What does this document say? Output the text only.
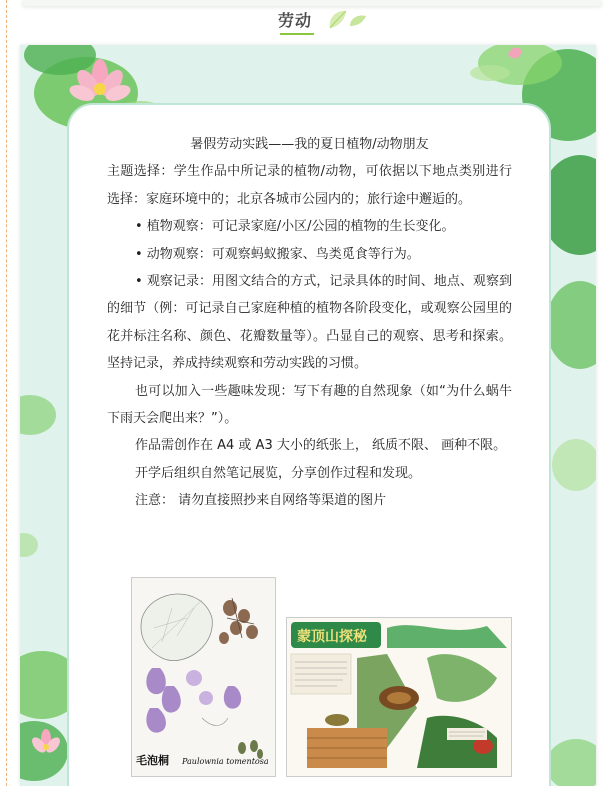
劳动

暑假劳动实践——我的夏日植物/动物朋友

主题选择：学生作品中所记录的植物/动物，可依据以下地点类别进行选择：家庭环境中的；北京各城市公园内的；旅行途中邂逅的。

• 植物观察：可记录家庭/小区/公园的植物的生长变化。

• 动物观察：可观察蚂蚁搬家、鸟类觅食等行为。

• 观察记录：用图文结合的方式，记录具体的时间、地点、观察到的细节（例：可记录自己家庭种植的植物各阶段变化，或观察公园里的花并标注名称、颜色、花瓣数量等）。凸显自己的观察、思考和探索。坚持记录，养成持续观察和劳动实践的习惯。

也可以加入一些趣味发现：写下有趣的自然现象（如“为什么蜗牛下雨天会爬出来？”）。

作品需创作在 A4 或 A3 大小的纸张上， 纸质不限、 画种不限。

开学后组织自然笔记展览，分享创作过程和发现。

注意： 请勿直接照抄来自网络等渠道的图片

毛泡桐 Paulownia tomentosa
蒙顶山探秘
